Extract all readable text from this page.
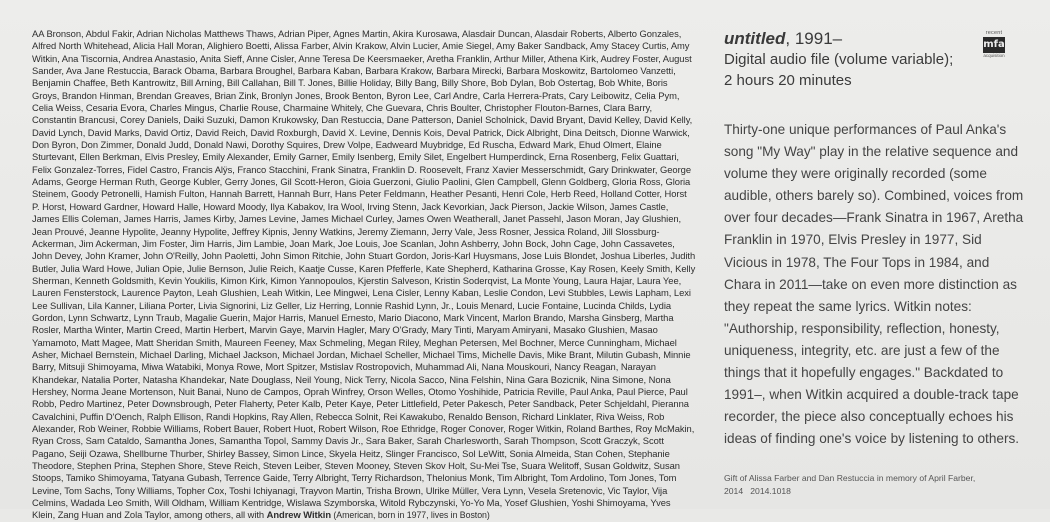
AA Bronson, Abdul Fakir, Adrian Nicholas Matthews Thaws, Adrian Piper, Agnes Martin, Akira Kurosawa, Alasdair Duncan, Alasdair Roberts, Alberto Gonzales, Alfred North Whitehead, Alicia Hall Moran, Alighiero Boetti, Alissa Farber, Alvin Krakow, Alvin Lucier, Amie Siegel, Amy Baker Sandback, Amy Stacey Curtis, Amy Witkin, Ana Tiscornia, Andrea Anastasio, Anita Sieff, Anne Cisler, Anne Teresa De Keersmaeker, Aretha Franklin, Arthur Miller, Athena Kirk, Audrey Foster, August Sander, Ava Jane Restuccia, Barack Obama, Barbara Broughel, Barbara Kaban, Barbara Krakow, Barbara Mirecki, Barbara Moskowitz, Bartolomeo Vanzetti, Benjamin Chaffee, Beth Kantrowitz, Bill Arning, Bill Callahan, Bill T. Jones, Billie Holiday, Billy Bang, Billy Shore, Bob Dylan, Bob Ostertag, Bob White, Boris Groys, Brandon Hinman, Brendan Greaves, Brian Zink, Bronlyn Jones, Brook Benton, Byron Lee, Carl Andre, Carla Herrera-Prats, Cary Leibowitz, Celia Pym, Celia Weiss, Cesaria Evora, Charles Mingus, Charlie Rouse, Charmaine Whitely, Che Guevara, Chris Boulter, Christopher Flouton-Barnes, Clara Barry, Constantin Brancusi, Corey Daniels, Daiki Suzuki, Damon Krukowsky, Dan Restuccia, Dane Patterson, Daniel Scholnick, David Bryant, David Kelley, David Kelly, David Lynch, David Marks, David Ortiz, David Reich, David Roxburgh, David X. Levine, Dennis Kois, Deval Patrick, Dick Albright, Dina Deitsch, Dionne Warwick, Don Byron, Don Zimmer, Donald Judd, Donald Nawi, Dorothy Squires, Drew Volpe, Eadweard Muybridge, Ed Ruscha, Edward Mark, Ehud Olmert, Elaine Sturtevant, Ellen Berkman, Elvis Presley, Emily Alexander, Emily Garner, Emily Isenberg, Emily Silet, Engelbert Humperdinck, Erna Rosenberg, Felix Guattari, Felix Gonzalez-Torres, Fidel Castro, Francis Alÿs, Franco Stacchini, Frank Sinatra, Franklin D. Roosevelt, Franz Xavier Messerschmidt, Gary Drinkwater, George Adams, George Herman Ruth, George Kubler, Gerry Jones, Gil Scott-Heron, Gioia Guerzoni, Giulio Paolini, Glen Campbell, Glenn Goldberg, Gloria Ross, Gloria Steinem, Goody Petronelli, Hamish Fulton, Hannah Barrett, Hannah Burr, Hans Peter Feldmann, Heather Pesanti, Henri Cole, Herb Reed, Holland Cotter, Horst P. Horst, Howard Gardner, Howard Halle, Howard Moody, Ilya Kabakov, Ira Wool, Irving Stenn, Jack Kevorkian, Jack Pierson, Jackie Wilson, James Castle, James Ellis Coleman, James Harris, James Kirby, James Levine, James Michael Curley, James Owen Weatherall, Janet Passehl, Jason Moran, Jay Glushien, Jean Prouvé, Jeanne Hypolite, Jeanny Hypolite, Jeffrey Kipnis, Jenny Watkins, Jeremy Ziemann, Jerry Vale, Jess Rosner, Jessica Roland, Jill Slossburg-Ackerman, Jim Ackerman, Jim Foster, Jim Harris, Jim Lambie, Joan Mark, Joe Louis, Joe Scanlan, John Ashberry, John Bock, John Cage, John Cassavetes, John Devey, John Kramer, John O'Reilly, John Paoletti, John Simon Ritchie, John Stuart Gordon, Joris-Karl Huysmans, Jose Luis Blondet, Joshua Liberles, Judith Butler, Julia Ward Howe, Julian Opie, Julie Bernson, Julie Reich, Kaatje Cusse, Karen Pfefferle, Kate Shepherd, Katharina Grosse, Kay Rosen, Keely Smith, Kelly Sherman, Kenneth Goldsmith, Kevin Youkilis, Kimon Kirk, Kimon Yannopoulos, Kjerstin Salveson, Kristin Soderqvist, La Monte Young, Laura Hajar, Laura Yee, Lauren Fensterstock, Laurence Payton, Leah Glushien, Leah Witkin, Lee Mingwei, Lena Cisler, Lenny Kaban, Leslie Condon, Levi Stubbles, Lewis Lapham, Lexi Lee Sullivan, Lila Kanner, Liliana Porter, Livia Signorini, Liz Geller, Liz Herring, Lonnie Rashid Lynn, Jr., Louis Menard, Lucie Fontaine, Lucinda Childs, Lydia Gordon, Lynn Schwartz, Lynn Traub, Magalie Guerin, Major Harris, Manuel Ernesto, Mario Diacono, Mark Vincent, Marlon Brando, Marsha Ginsberg, Martha Rosler, Martha Winter, Martin Creed, Martin Herbert, Marvin Gaye, Marvin Hagler, Mary O'Grady, Mary Tinti, Maryam Amiryani, Masako Glushien, Masao Yamamoto, Matt Magee, Matt Sheridan Smith, Maureen Feeney, Max Schmeling, Megan Riley, Meghan Petersen, Mel Bochner, Merce Cunningham, Michael Asher, Michael Bernstein, Michael Darling, Michael Jackson, Michael Jordan, Michael Scheller, Michael Tims, Michelle Davis, Mike Brant, Milutin Gubash, Minnie Barry, Mitsuji Shimoyama, Miwa Watabiki, Monya Rowe, Mort Spitzer, Mstislav Rostropovich, Muhammad Ali, Nana Mouskouri, Nancy Reagan, Narayan Khandekar, Natalia Porter, Natasha Khandekar, Nate Douglass, Neil Young, Nick Terry, Nicola Sacco, Nina Felshin, Nina Gara Bozicnik, Nina Simone, Nona Hershey, Norma Jeane Mortenson, Nuit Banai, Nuno de Campos, Oprah Winfrey, Orson Welles, Otomo Yoshihide, Patricia Reville, Paul Anka, Paul Pierce, Paul Robb, Pedro Martinez, Peter Downsbrough, Peter Flaherty, Peter Kalb, Peter Kaye, Peter Littlefield, Peter Pakesch, Peter Sandback, Peter Schjeldahl, Pieranna Cavalchini, Puffin D'Oench, Ralph Ellison, Randi Hopkins, Ray Allen, Rebecca Solnit, Rei Kawakubo, Renaldo Benson, Richard Linklater, Riva Weiss, Rob Alexander, Rob Weiner, Robbie Williams, Robert Bauer, Robert Huot, Robert Wilson, Roe Ethridge, Roger Conover, Roger Witkin, Roland Barthes, Roy McMakin, Ryan Cross, Sam Cataldo, Samantha Jones, Samantha Topol, Sammy Davis Jr., Sara Baker, Sarah Charlesworth, Sarah Thompson, Scott Graczyk, Scott Pagano, Seiji Ozawa, Shellburne Thurber, Shirley Bassey, Simon Lince, Skyela Heitz, Slinger Francisco, Sol LeWitt, Sonia Almeida, Stan Cohen, Stephanie Theodore, Stephen Prina, Stephen Shore, Steve Reich, Steven Leiber, Steven Mooney, Steven Skov Holt, Su-Mei Tse, Suara Welitoff, Susan Goldwitz, Susan Stoops, Tamiko Shimoyama, Tatyana Gubash, Terrence Gaide, Terry Albright, Terry Richardson, Thelonius Monk, Tim Albright, Tom Ardolino, Tom Jones, Tom Levine, Tom Sachs, Tony Williams, Topher Cox, Toshi Ichiyanagi, Trayvon Martin, Trisha Brown, Ulrike Müller, Vera Lynn, Vesela Sretenovic, Vic Taylor, Vija Celmins, Wadada Leo Smith, Will Oldham, William Kentridge, Wislawa Szymborska, Witold Rybczynski, Yo-Yo Ma, Yosef Glushien, Yoshi Shimoyama, Yves Klein, Zang Huan and Zola Taylor, among others, all with Andrew Witkin (American, born in 1977, lives in Boston)
recent
mfa
acquisition
untitled, 1991–
Digital audio file (volume variable);
2 hours 20 minutes
Thirty-one unique performances of Paul Anka's song "My Way" play in the relative sequence and volume they were originally recorded (some audible, others barely so). Combined, voices from over four decades—Frank Sinatra in 1967, Aretha Franklin in 1970, Elvis Presley in 1977, Sid Vicious in 1978, The Four Tops in 1984, and Chara in 2011—take on even more distinction as they repeat the same lyrics. Witkin notes: "Authorship, responsibility, reflection, honesty, uniqueness, integrity, etc. are just a few of the things that it hopefully engages." Backdated to 1991–, when Witkin acquired a double-track tape recorder, the piece also conceptually echoes his ideas of finding one's voice by listening to others.
Gift of Alissa Farber and Dan Restuccia in memory of April Farber,
2014   2014.1018
